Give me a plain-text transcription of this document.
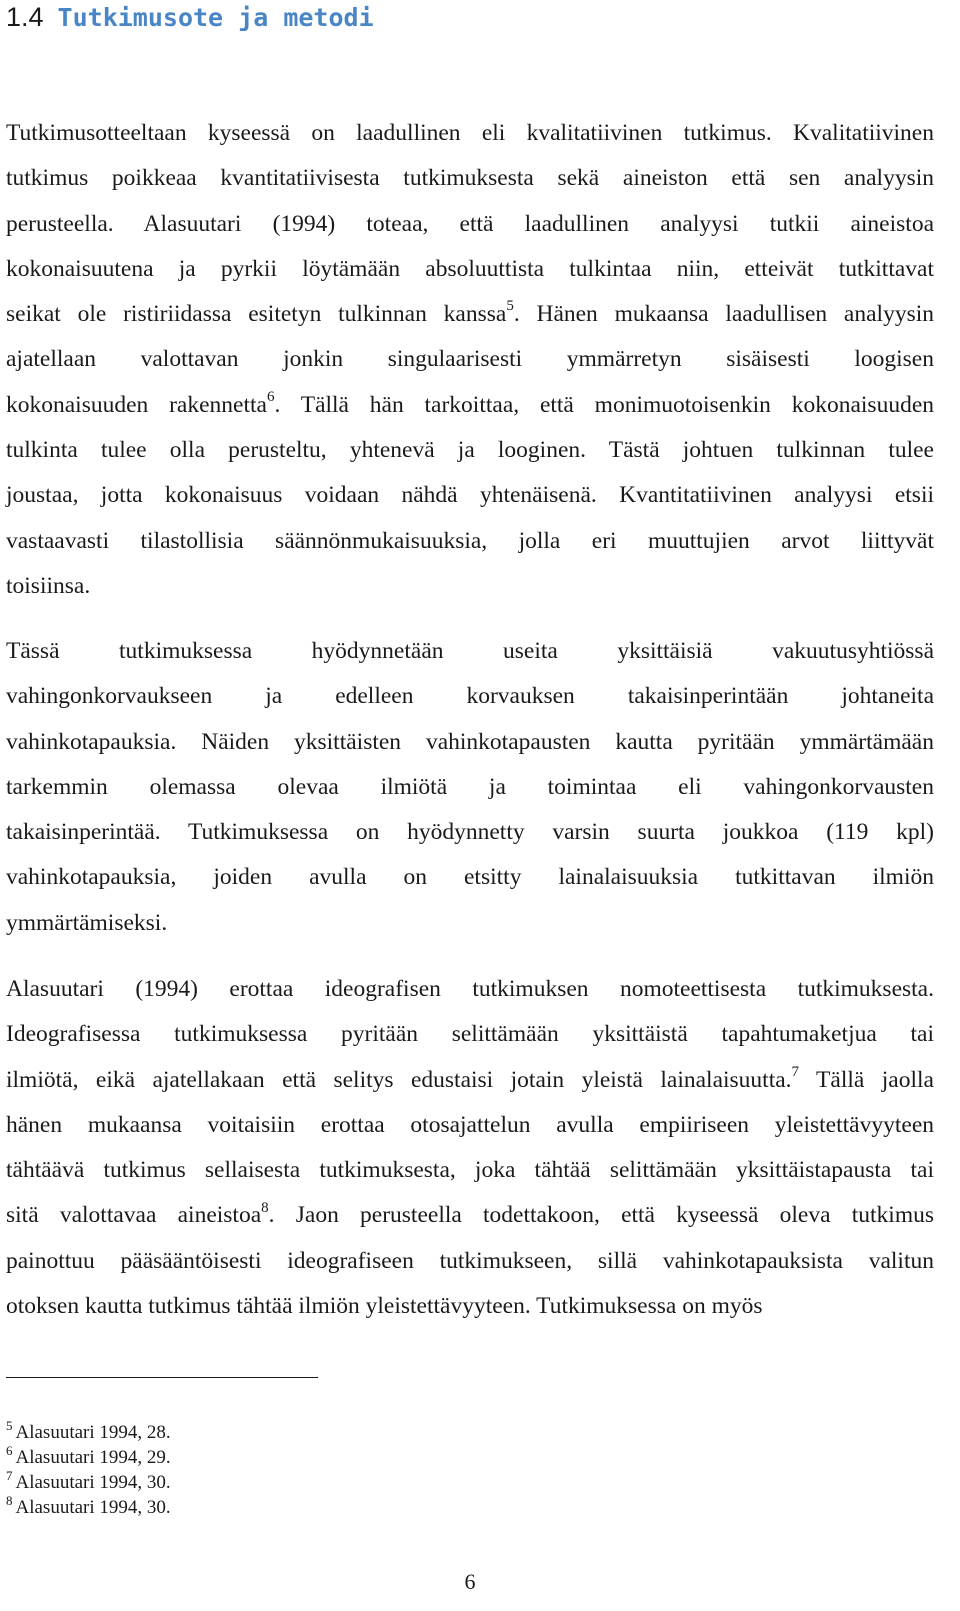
1.4 Tutkimusote ja metodi
Tutkimusotteeltaan kyseessä on laadullinen eli kvalitatiivinen tutkimus. Kvalitatiivinen
tutkimus poikkeaa kvantitatiivisesta tutkimuksesta sekä aineiston että sen analyysin
perusteella. Alasuutari (1994) toteaa, että laadullinen analyysi tutkii aineistoa
kokonaisuutena ja pyrkii löytämään absoluuttista tulkintaa niin, etteivät tutkittavat
seikat ole ristiriidassa esitetyn tulkinnan kanssa$^5$. Hänen mukaansa laadullisen analyysin
ajatellaan valottavan jonkin singulaarisesti ymmärretyn sisäisesti loogisen
kokonaisuuden rakennetta$^6$. Tällä hän tarkoittaa, että monimuotoisenkin kokonaisuuden
tulkinta tulee olla perusteltu, yhtenevä ja looginen. Tästä johtuen tulkinnan tulee
joustaa, jotta kokonaisuus voidaan nähdä yhtenäisenä. Kvantitatiivinen analyysi etsii
vastaavasti tilastollisia säännönmukaisuuksia, jolla eri muuttujien arvot liittyvät
toisiinsa.
Tässä tutkimuksessa hyödynnetään useita yksittäisiä vakuutusyhtiössä
vahingonkorvaukseen ja edelleen korvauksen takaisinperintään johtaneita
vahinkotapauksia. Näiden yksittäisten vahinkotapausten kautta pyritään ymmärtämään
tarkemmin olemassa olevaa ilmiötä ja toimintaa eli vahingonkorvausten
takaisinperintää. Tutkimuksessa on hyödynnetty varsin suurta joukkoa (119 kpl)
vahinkotapauksia, joiden avulla on etsitty lainalaisuuksia tutkittavan ilmiön
ymmärtämiseksi.
Alasuutari (1994) erottaa ideografisen tutkimuksen nomoteettisesta tutkimuksesta.
Ideografisessa tutkimuksessa pyritään selittämään yksittäistä tapahtumaketjua tai
ilmiötä, eikä ajatellakaan että selitys edustaisi jotain yleistä lainalaisuutta.$^7$ Tällä jaolla
hänen mukaansa voitaisiin erottaa otosajattelun avulla empiiriseen yleistettävyyteen
tähtäävä tutkimus sellaisesta tutkimuksesta, joka tähtää selittämään yksittäistapausta tai
sitä valottavaa aineistoa$^8$. Jaon perusteella todettakoon, että kyseessä oleva tutkimus
painottuu pääsääntöisesti ideografiseen tutkimukseen, sillä vahinkotapauksista valitun
otoksen kautta tutkimus tähtää ilmiön yleistettävyyteen. Tutkimuksessa on myös
$^5$ Alasuutari 1994, 28.
$^6$ Alasuutari 1994, 29.
$^7$ Alasuutari 1994, 30.
$^8$ Alasuutari 1994, 30.
6
